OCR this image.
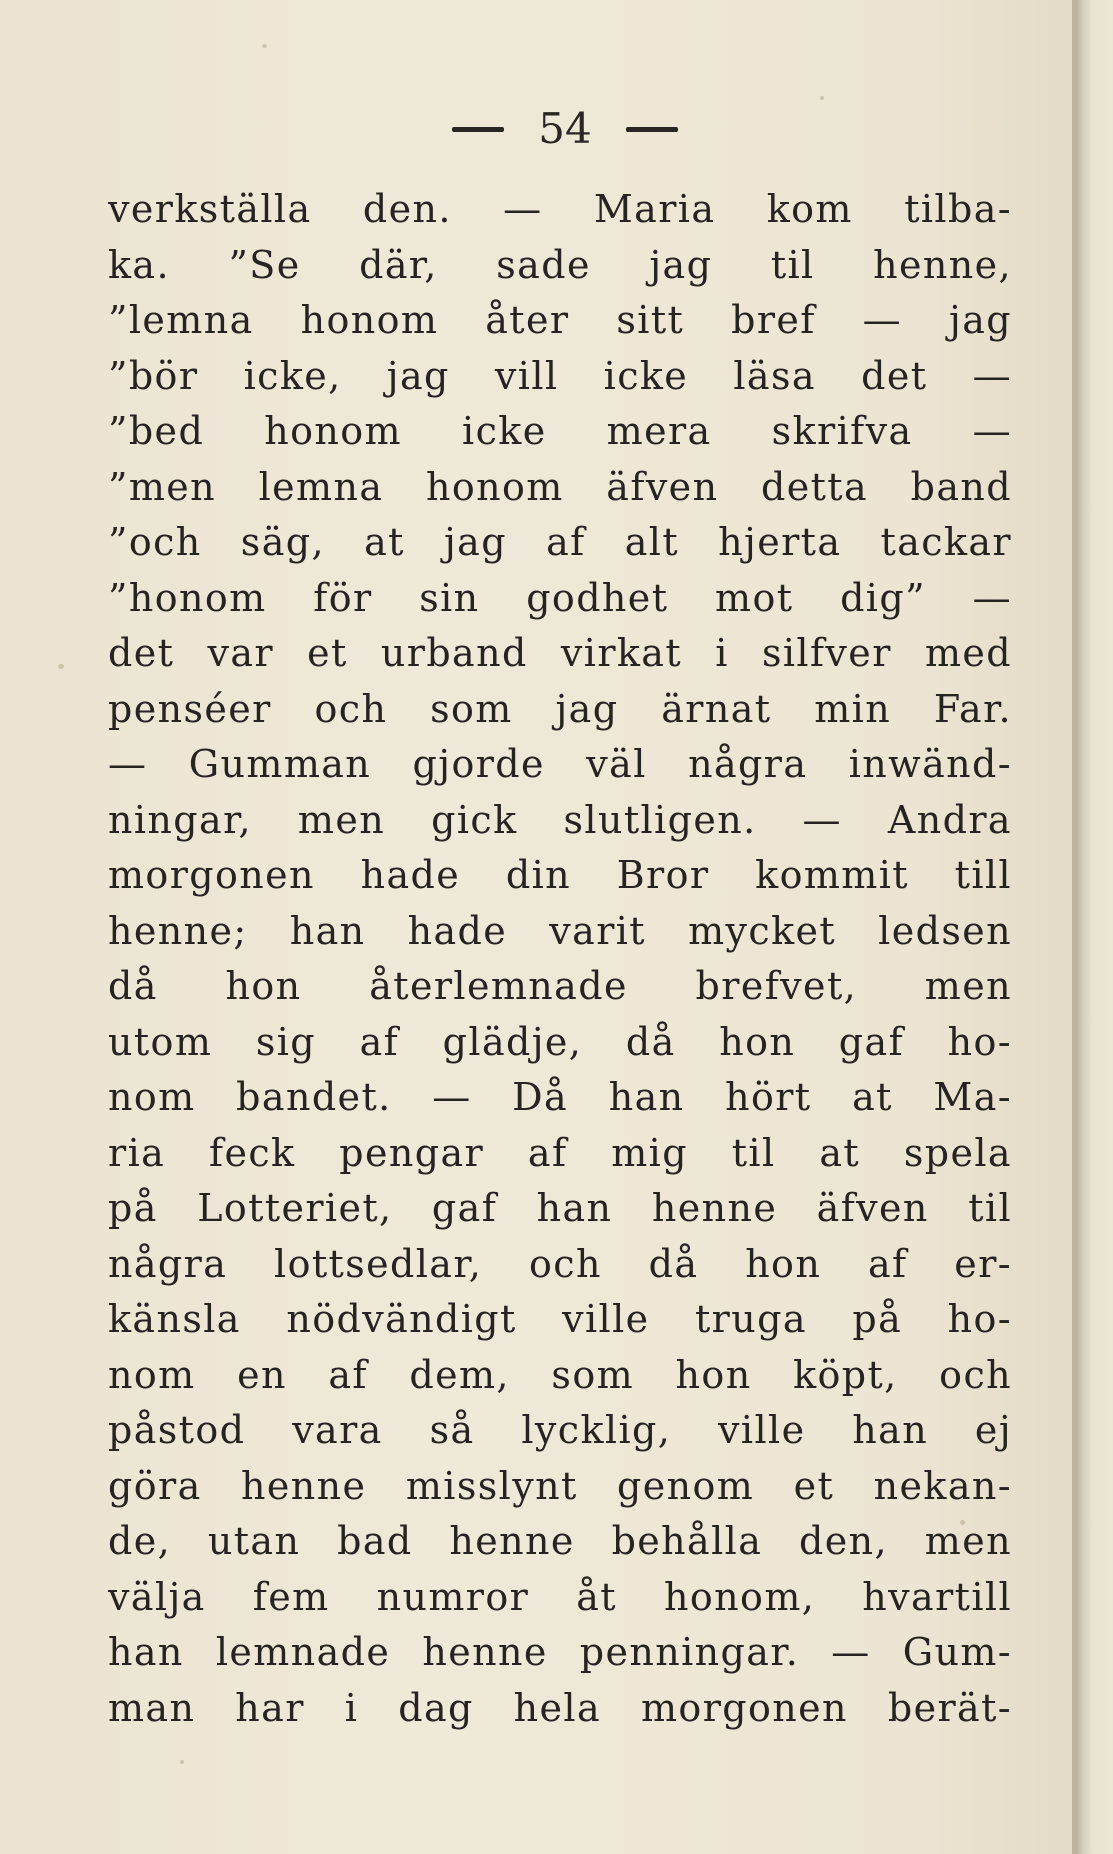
54
verkställa den. — Maria kom tilba-
ka. ”Se där, sade jag til henne,
”lemna honom åter sitt bref — jag
”bör icke, jag vill icke läsa det —
”bed honom icke mera skrifva —
”men lemna honom äfven detta band
”och säg, at jag af alt hjerta tackar
”honom för sin godhet mot dig” —
det var et urband virkat i silfver med
penséer och som jag ärnat min Far.
— Gumman gjorde väl några inwänd-
ningar, men gick slutligen. — Andra
morgonen hade din Bror kommit till
henne; han hade varit mycket ledsen
då hon återlemnade brefvet, men
utom sig af glädje, då hon gaf ho-
nom bandet. — Då han hört at Ma-
ria feck pengar af mig til at spela
på Lotteriet, gaf han henne äfven til
några lottsedlar, och då hon af er-
känsla nödvändigt ville truga på ho-
nom en af dem, som hon köpt, och
påstod vara så lycklig, ville han ej
göra henne misslynt genom et nekan-
de, utan bad henne behålla den, men
välja fem numror åt honom, hvartill
han lemnade henne penningar. — Gum-
man har i dag hela morgonen berät-
